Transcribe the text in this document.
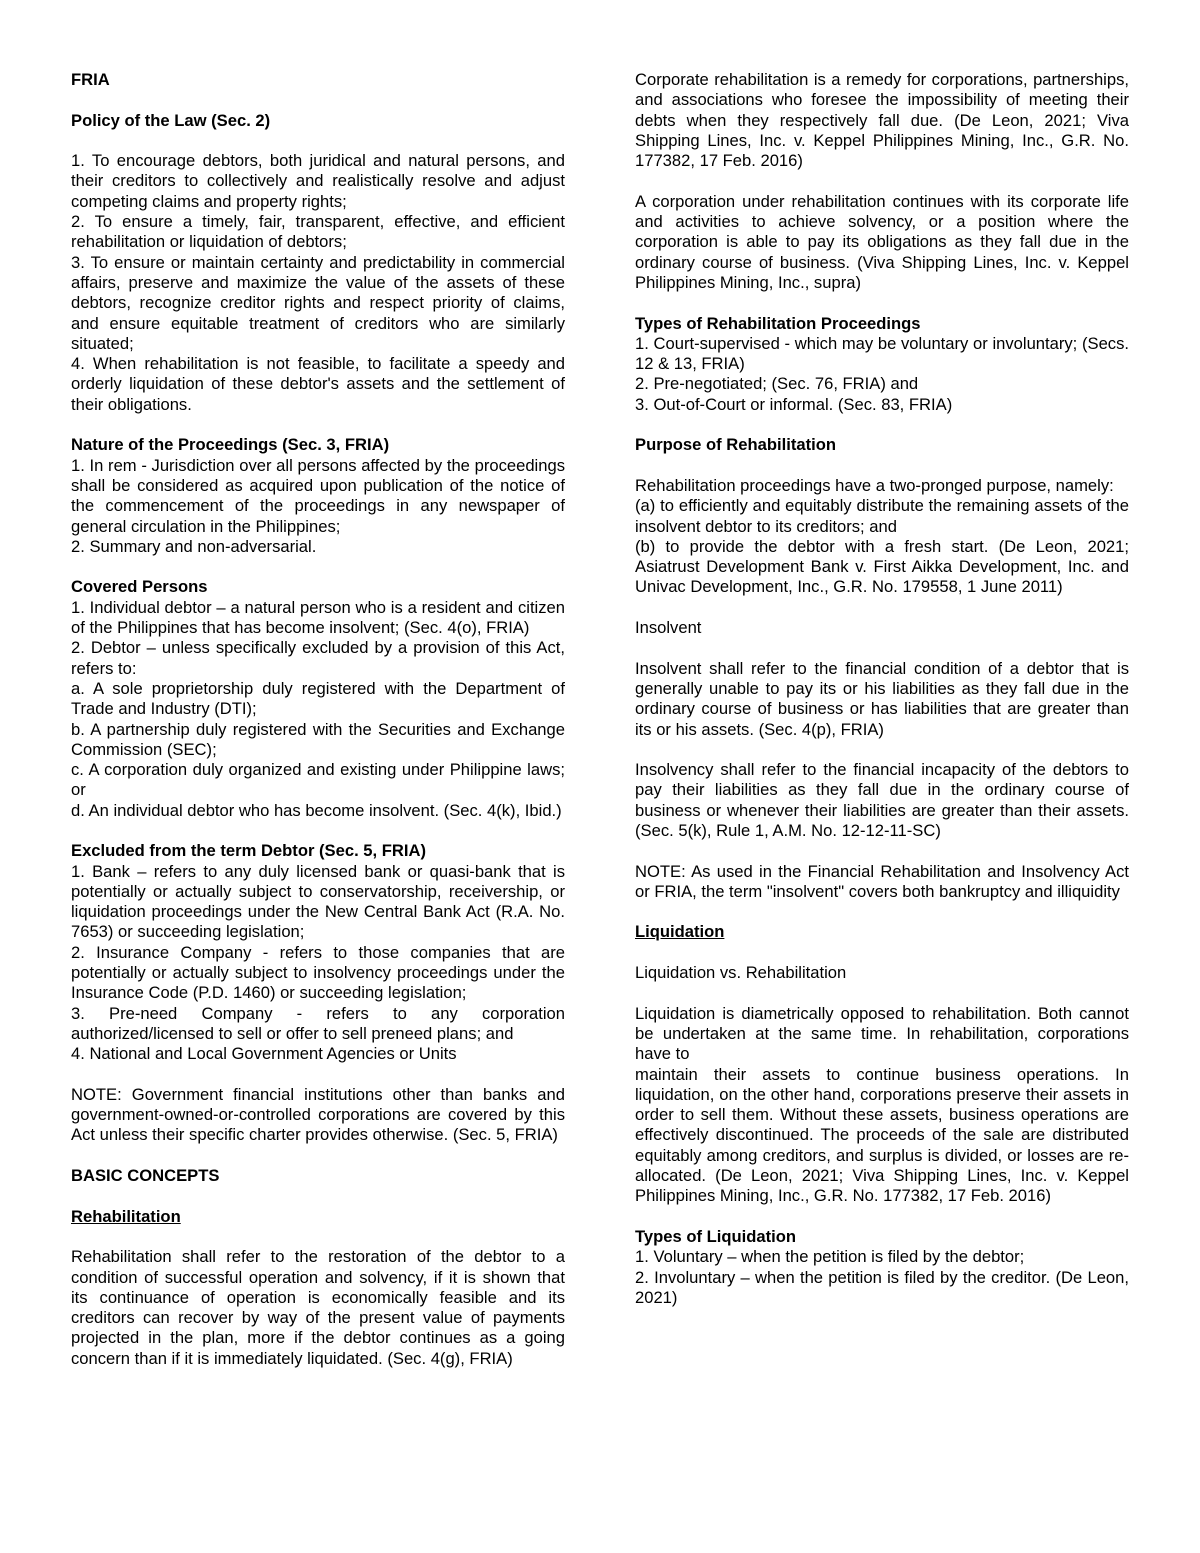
FRIA

Policy of the Law (Sec. 2)

1. To encourage debtors, both juridical and natural persons, and their creditors to collectively and realistically resolve and adjust competing claims and property rights;

2. To ensure a timely, fair, transparent, effective, and efficient rehabilitation or liquidation of debtors;

3. To ensure or maintain certainty and predictability in commercial affairs, preserve and maximize the value of the assets of these debtors, recognize creditor rights and respect priority of claims, and ensure equitable treatment of creditors who are similarly situated;

4. When rehabilitation is not feasible, to facilitate a speedy and orderly liquidation of these debtor's assets and the settlement of their obligations.

Nature of the Proceedings (Sec. 3, FRIA)

1. In rem - Jurisdiction over all persons affected by the proceedings shall be considered as acquired upon publication of the notice of the commencement of the proceedings in any newspaper of general circulation in the Philippines;

2. Summary and non-adversarial.

Covered Persons

1. Individual debtor – a natural person who is a resident and citizen of the Philippines that has become insolvent; (Sec. 4(o), FRIA)

2. Debtor – unless specifically excluded by a provision of this Act, refers to:

a. A sole proprietorship duly registered with the Department of Trade and Industry (DTI);

b. A partnership duly registered with the Securities and Exchange Commission (SEC);

c. A corporation duly organized and existing under Philippine laws; or

d. An individual debtor who has become insolvent. (Sec. 4(k), Ibid.)

Excluded from the term Debtor (Sec. 5, FRIA)

1. Bank – refers to any duly licensed bank or quasi-bank that is potentially or actually subject to conservatorship, receivership, or liquidation proceedings under the New Central Bank Act (R.A. No. 7653) or succeeding legislation;

2. Insurance Company - refers to those companies that are potentially or actually subject to insolvency proceedings under the Insurance Code (P.D. 1460) or succeeding legislation;

3. Pre-need Company - refers to any corporation authorized/licensed to sell or offer to sell preneed plans; and

4. National and Local Government Agencies or Units

NOTE: Government financial institutions other than banks and government-owned-or-controlled corporations are covered by this Act unless their specific charter provides otherwise. (Sec. 5, FRIA)

BASIC CONCEPTS

Rehabilitation

Rehabilitation shall refer to the restoration of the debtor to a condition of successful operation and solvency, if it is shown that its continuance of operation is economically feasible and its creditors can recover by way of the present value of payments projected in the plan, more if the debtor continues as a going concern than if it is immediately liquidated. (Sec. 4(g), FRIA)

Corporate rehabilitation is a remedy for corporations, partnerships, and associations who foresee the impossibility of meeting their debts when they respectively fall due. (De Leon, 2021; Viva Shipping Lines, Inc. v. Keppel Philippines Mining, Inc., G.R. No. 177382, 17 Feb. 2016)

A corporation under rehabilitation continues with its corporate life and activities to achieve solvency, or a position where the corporation is able to pay its obligations as they fall due in the ordinary course of business. (Viva Shipping Lines, Inc. v. Keppel Philippines Mining, Inc., supra)

Types of Rehabilitation Proceedings

1. Court-supervised - which may be voluntary or involuntary; (Secs. 12 & 13, FRIA)

2. Pre-negotiated; (Sec. 76, FRIA) and

3. Out-of-Court or informal. (Sec. 83, FRIA)

Purpose of Rehabilitation

Rehabilitation proceedings have a two-pronged purpose, namely:

(a) to efficiently and equitably distribute the remaining assets of the insolvent debtor to its creditors; and

(b) to provide the debtor with a fresh start. (De Leon, 2021; Asiatrust Development Bank v. First Aikka Development, Inc. and Univac Development, Inc., G.R. No. 179558, 1 June 2011)

Insolvent

Insolvent shall refer to the financial condition of a debtor that is generally unable to pay its or his liabilities as they fall due in the ordinary course of business or has liabilities that are greater than its or his assets. (Sec. 4(p), FRIA)

Insolvency shall refer to the financial incapacity of the debtors to pay their liabilities as they fall due in the ordinary course of business or whenever their liabilities are greater than their assets. (Sec. 5(k), Rule 1, A.M. No. 12-12-11-SC)

NOTE: As used in the Financial Rehabilitation and Insolvency Act or FRIA, the term "insolvent" covers both bankruptcy and illiquidity

Liquidation

Liquidation vs. Rehabilitation

Liquidation is diametrically opposed to rehabilitation. Both cannot be undertaken at the same time. In rehabilitation, corporations have to

maintain their assets to continue business operations. In liquidation, on the other hand, corporations preserve their assets in order to sell them. Without these assets, business operations are effectively discontinued. The proceeds of the sale are distributed equitably among creditors, and surplus is divided, or losses are re-allocated. (De Leon, 2021; Viva Shipping Lines, Inc. v. Keppel Philippines Mining, Inc., G.R. No. 177382, 17 Feb. 2016)

Types of Liquidation

1. Voluntary – when the petition is filed by the debtor;

2. Involuntary – when the petition is filed by the creditor. (De Leon, 2021)
